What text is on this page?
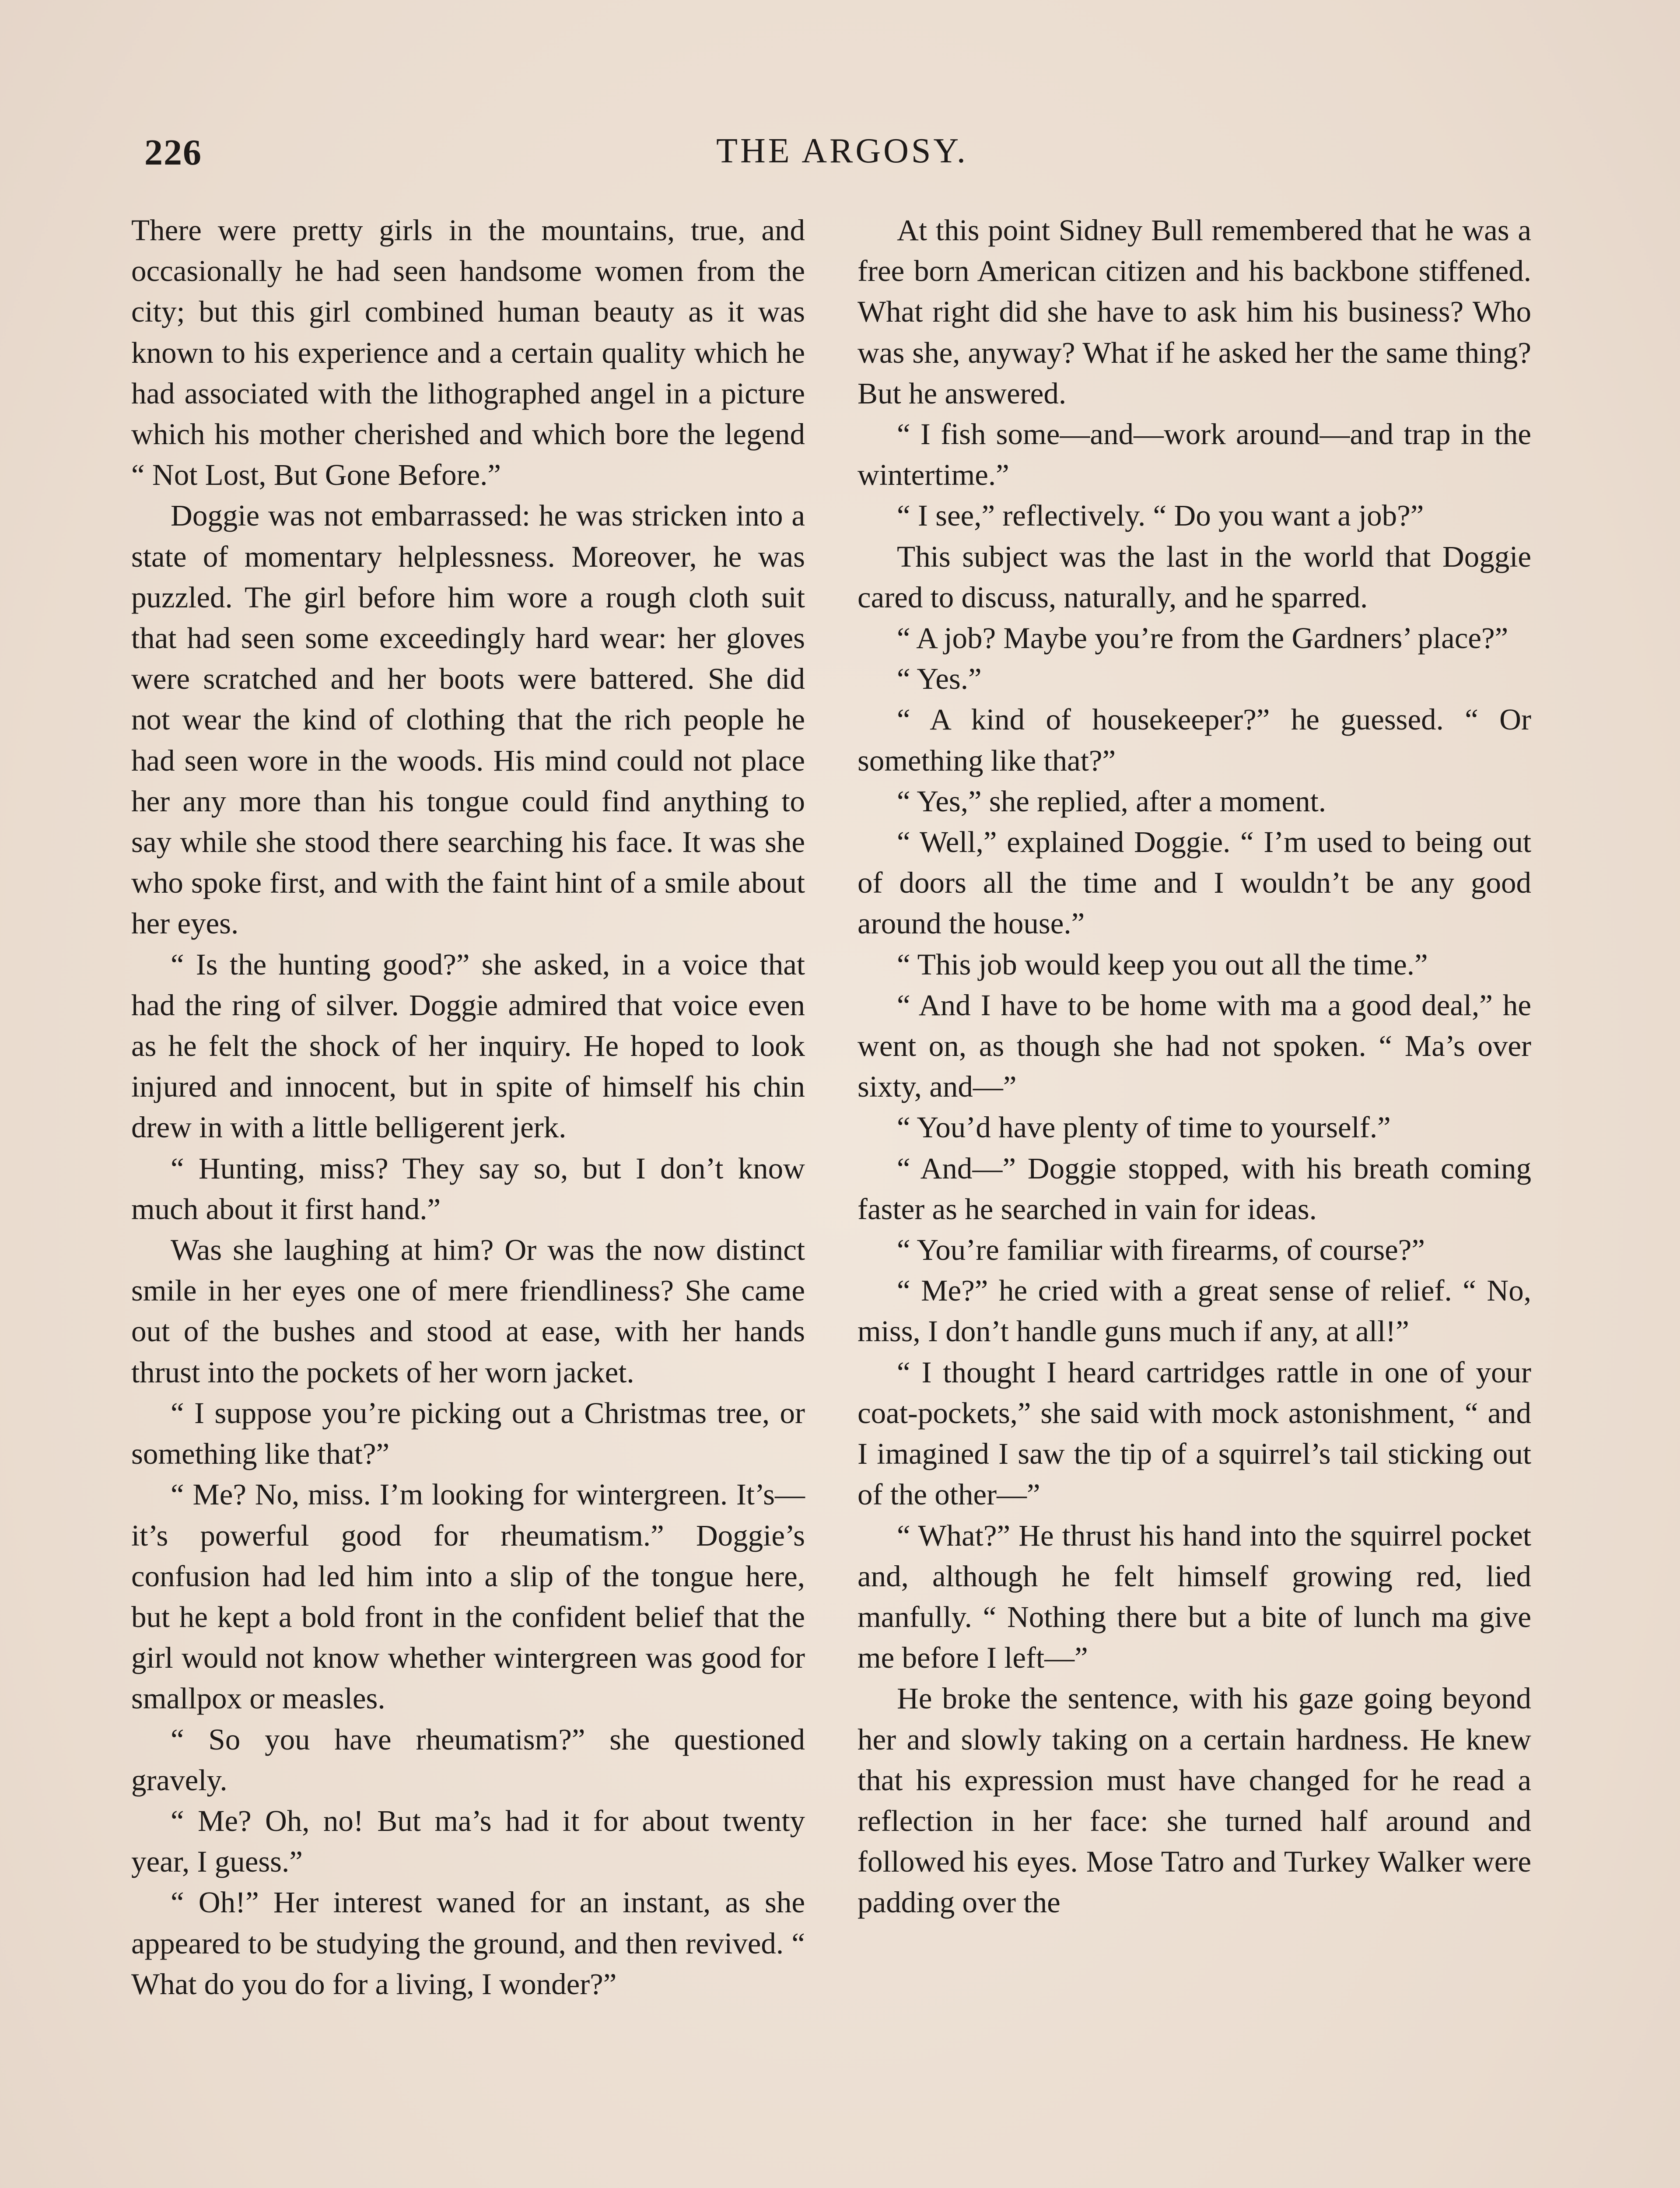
226	THE ARGOSY.

There were pretty girls in the mountains, true, and occasionally he had seen handsome women from the city; but this girl combined human beauty as it was known to his experience and a certain quality which he had associated with the lithographed angel in a picture which his mother cherished and which bore the legend “ Not Lost, But Gone Before.”

Doggie was not embarrassed: he was stricken into a state of momentary helplessness. Moreover, he was puzzled. The girl before him wore a rough cloth suit that had seen some exceedingly hard wear: her gloves were scratched and her boots were battered. She did not wear the kind of clothing that the rich people he had seen wore in the woods. His mind could not place her any more than his tongue could find anything to say while she stood there searching his face. It was she who spoke first, and with the faint hint of a smile about her eyes.

“ Is the hunting good?” she asked, in a voice that had the ring of silver. Doggie admired that voice even as he felt the shock of her inquiry. He hoped to look injured and innocent, but in spite of himself his chin drew in with a little belligerent jerk.

“ Hunting, miss? They say so, but I don’t know much about it first hand.”

Was she laughing at him? Or was the now distinct smile in her eyes one of mere friendliness? She came out of the bushes and stood at ease, with her hands thrust into the pockets of her worn jacket.

“ I suppose you’re picking out a Christmas tree, or something like that?”

“ Me? No, miss. I’m looking for wintergreen. It’s—it’s powerful good for rheumatism.” Doggie’s confusion had led him into a slip of the tongue here, but he kept a bold front in the confident belief that the girl would not know whether wintergreen was good for smallpox or measles.

“ So you have rheumatism?” she questioned gravely.

“ Me? Oh, no! But ma’s had it for about twenty year, I guess.”

“ Oh!” Her interest waned for an instant, as she appeared to be studying the ground, and then revived. “ What do you do for a living, I wonder?”

At this point Sidney Bull remembered that he was a free born American citizen and his backbone stiffened. What right did she have to ask him his business? Who was she, anyway? What if he asked her the same thing? But he answered.

“ I fish some—and—work around—and trap in the wintertime.”

“ I see,” reflectively. “ Do you want a job?”

This subject was the last in the world that Doggie cared to discuss, naturally, and he sparred.

“ A job? Maybe you’re from the Gardners’ place?”

“ Yes.”

“ A kind of housekeeper?” he guessed. “ Or something like that?”

“ Yes,” she replied, after a moment.

“ Well,” explained Doggie. “ I’m used to being out of doors all the time and I wouldn’t be any good around the house.”

“ This job would keep you out all the time.”

“ And I have to be home with ma a good deal,” he went on, as though she had not spoken. “ Ma’s over sixty, and—”

“ You’d have plenty of time to yourself.”

“ And—” Doggie stopped, with his breath coming faster as he searched in vain for ideas.

“ You’re familiar with firearms, of course?”

“ Me?” he cried with a great sense of relief. “ No, miss, I don’t handle guns much if any, at all!”

“ I thought I heard cartridges rattle in one of your coat-pockets,” she said with mock astonishment, “ and I imagined I saw the tip of a squirrel’s tail sticking out of the other—”

“ What?” He thrust his hand into the squirrel pocket and, although he felt himself growing red, lied manfully. “ Nothing there but a bite of lunch ma give me before I left—”

He broke the sentence, with his gaze going beyond her and slowly taking on a certain hardness. He knew that his expression must have changed for he read a reflection in her face: she turned half around and followed his eyes. Mose Tatro and Turkey Walker were padding over the
